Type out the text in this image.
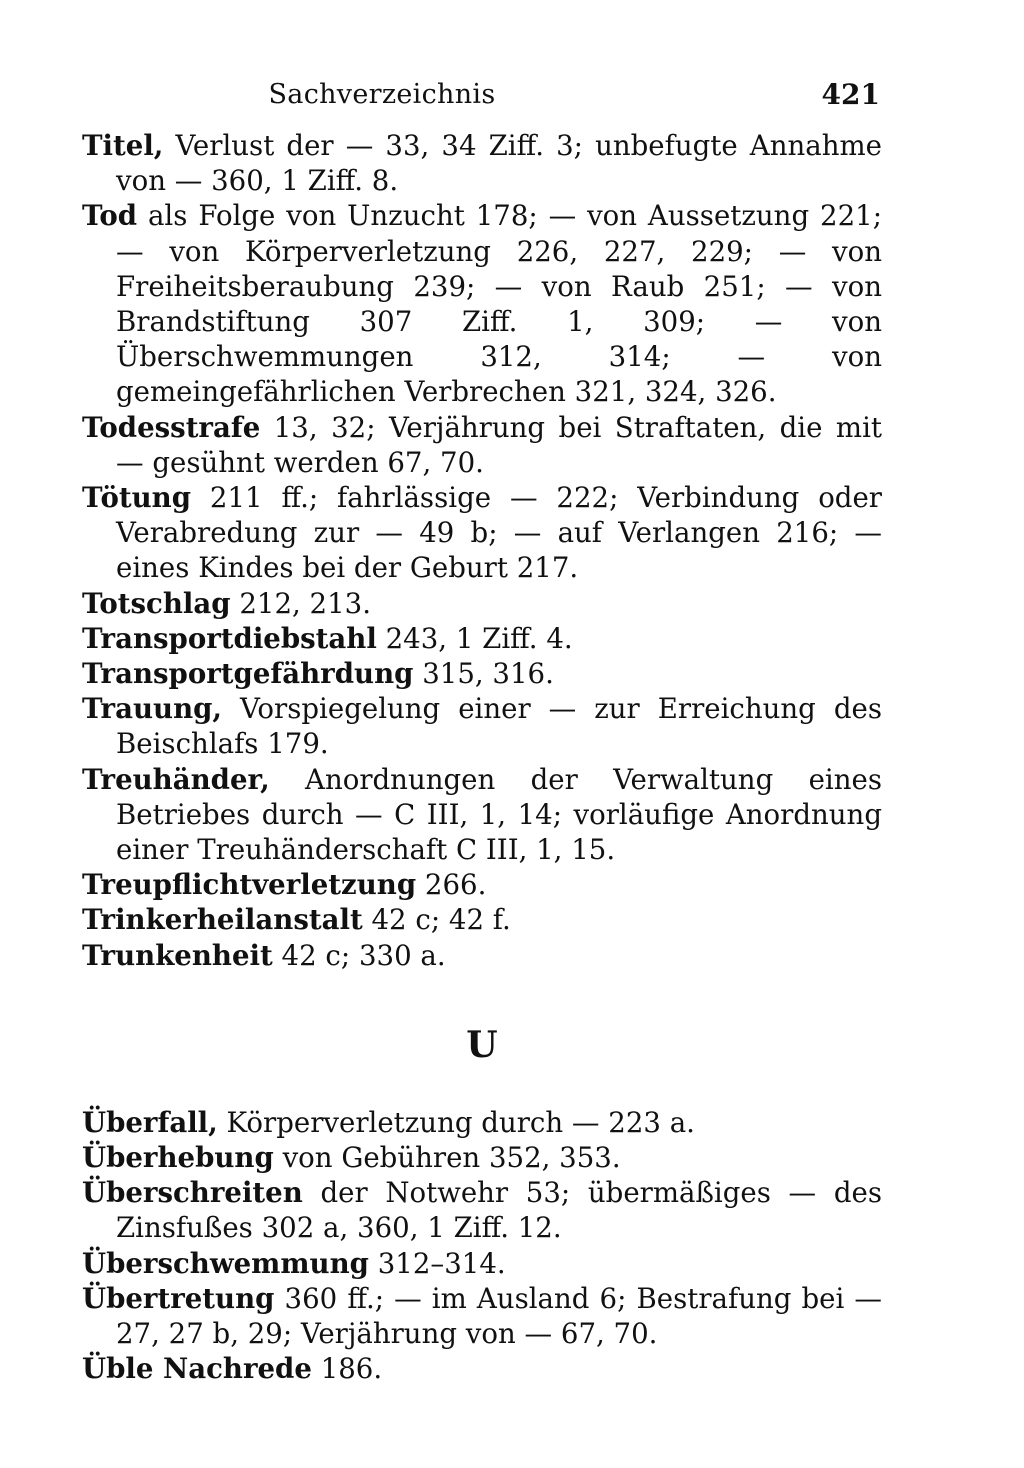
Sachverzeichnis	421

Titel, Verlust der — 33, 34 Ziff. 3; unbefugte Annahme von — 360, 1 Ziff. 8.

Tod als Folge von Unzucht 178; — von Aussetzung 221; — von Körperverletzung 226, 227, 229; — von Freiheitsberaubung 239; — von Raub 251; — von Brandstiftung 307 Ziff. 1, 309; — von Überschwemmungen 312, 314; — von gemeingefährlichen Verbrechen 321, 324, 326.

Todesstrafe 13, 32; Verjährung bei Straftaten, die mit — gesühnt werden 67, 70.

Tötung 211 ff.; fahrlässige — 222; Verbindung oder Verabredung zur — 49 b; — auf Verlangen 216; — eines Kindes bei der Geburt 217.

Totschlag 212, 213.

Transportdiebstahl 243, 1 Ziff. 4.

Transportgefährdung 315, 316.

Trauung, Vorspiegelung einer — zur Erreichung des Beischlafs 179.

Treuhänder, Anordnungen der Verwaltung eines Betriebes durch — C III, 1, 14; vorläufige Anordnung einer Treuhänderschaft C III, 1, 15.

Treupflichtverletzung 266.

Trinkerheilanstalt 42 c; 42 f.

Trunkenheit 42 c; 330 a.

U

Überfall, Körperverletzung durch — 223 a.

Überhebung von Gebühren 352, 353.

Überschreiten der Notwehr 53; übermäßiges — des Zinsfußes 302 a, 360, 1 Ziff. 12.

Überschwemmung 312–314.

Übertretung 360 ff.; — im Ausland 6; Bestrafung bei — 27, 27 b, 29; Verjährung von — 67, 70.

Üble Nachrede 186.
